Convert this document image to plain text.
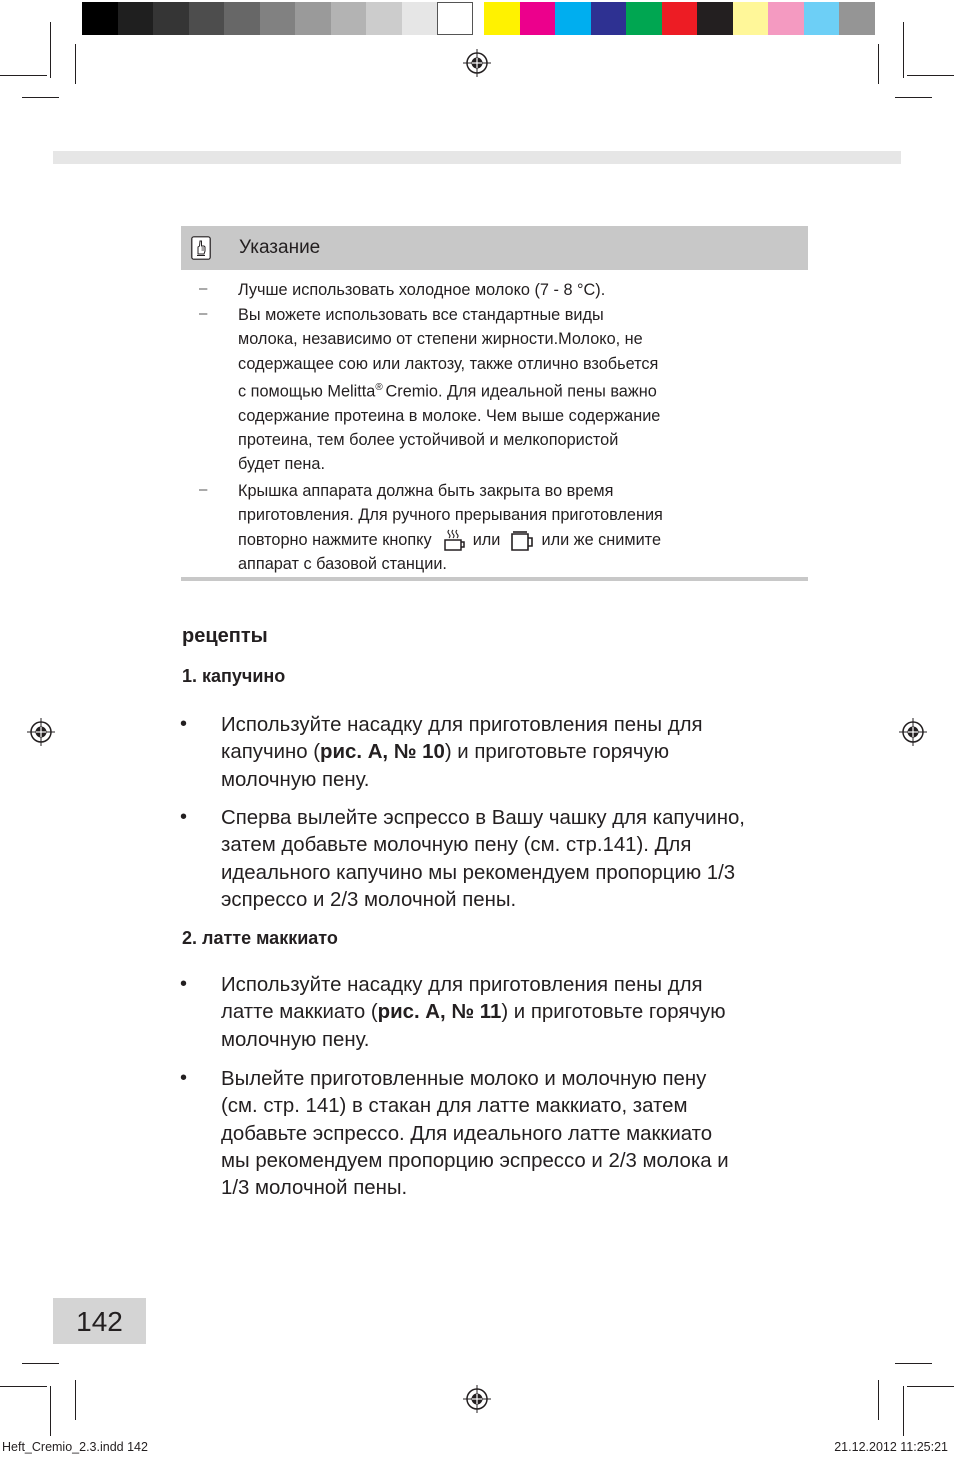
Указание
– Лучше использовать холодное молоко (7 - 8 °C).
– Вы можете использовать все стандартные виды
молока, независимо от степени жирности.Молоко, не
содержащее сою или лактозу, также отлично взобьется
с помощью Melitta® Cremio. Для идеальной пены важно
содержание протеина в молоке. Чем выше содержание
протеина, тем более устойчивой и мелкопористой
будет пена.
– Крышка аппарата должна быть закрыта во время
приготовления. Для ручного прерывания приготовления
повторно нажмите кнопку	или	или же снимите
аппарат с базовой станции.
рецепты
1. капучино
• Используйте насадку для приготовления пены для
капучино (рис. А, № 10) и приготовьте горячую
молочную пену.
• Сперва вылейте эспрессо в Вашу чашку для капучино,
затем добавьте молочную пену (см. стр.141). Для
идеального капучино мы рекомендуем пропорцию 1/3
эспрессо и 2/3 молочной пены.
2. латте маккиато
• Используйте насадку для приготовления пены для
латте маккиато (рис. А, № 11) и приготовьте горячую
молочную пену.
• Вылейте приготовленные молоко и молочную пену
(см. стр. 141) в стакан для латте маккиато, затем
добавьте эспрессо. Для идеального латте маккиато
мы рекомендуем пропорцию эспрессо и 2/3 молока и
1/3 молочной пены.
142
Heft_Cremio_2.3.indd 142	21.12.2012 11:25:21
